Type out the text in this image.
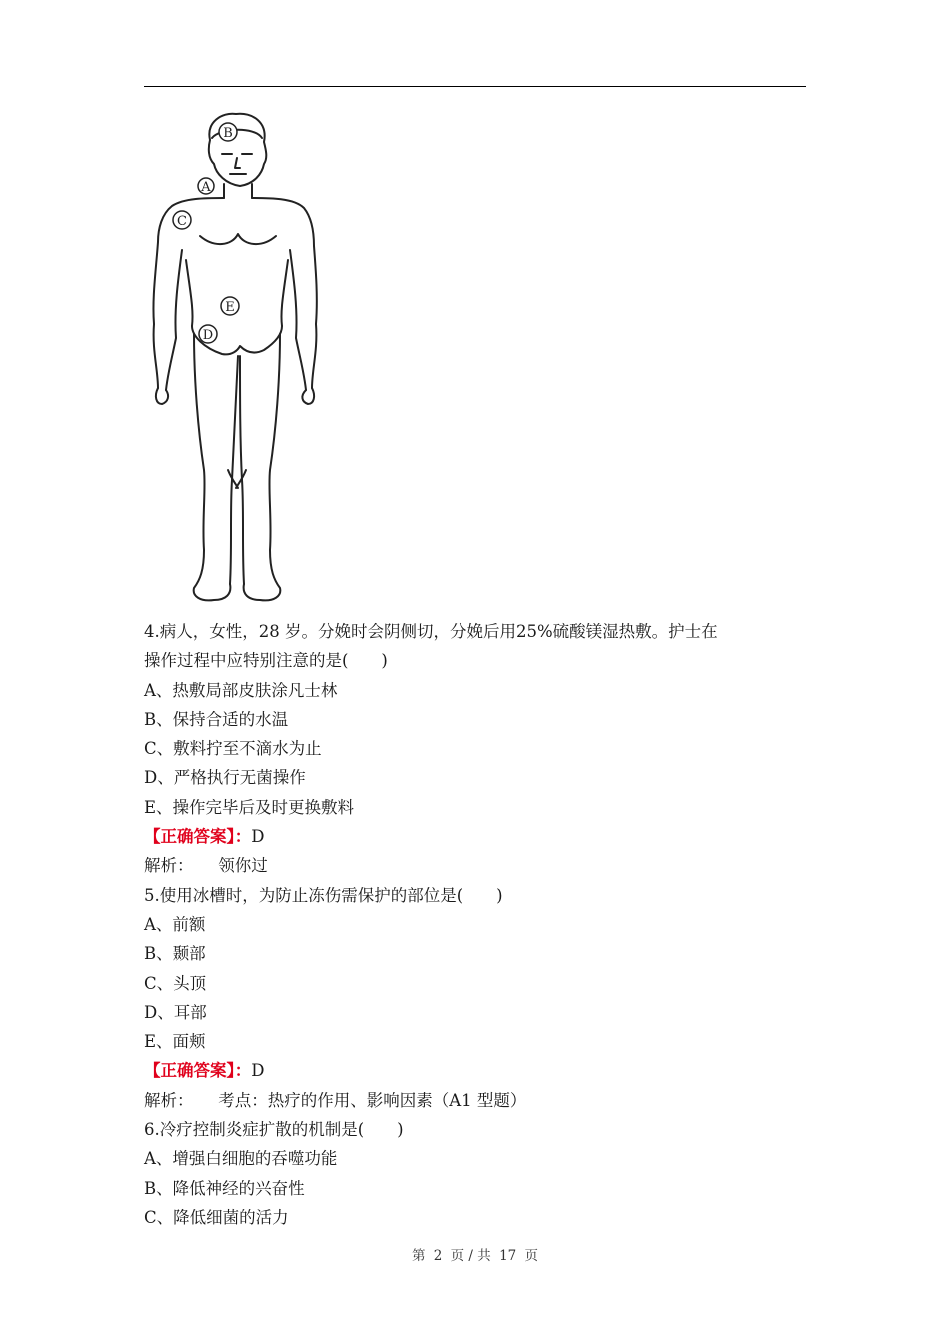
B
A
C
E
D
4.病人，女性，28 岁。分娩时会阴侧切，分娩后用25%硫酸镁湿热敷。护士在
操作过程中应特别注意的是(　　)
A、热敷局部皮肤涂凡士林
B、保持合适的水温
C、敷料拧至不滴水为止
D、严格执行无菌操作
E、操作完毕后及时更换敷料
【正确答案】：D
解析：　　领你过
5.使用冰槽时，为防止冻伤需保护的部位是(　　)
A、前额
B、颞部
C、头顶
D、耳部
E、面颊
【正确答案】：D
解析：　　考点：热疗的作用、影响因素（A1 型题）
6.冷疗控制炎症扩散的机制是(　　)
A、增强白细胞的吞噬功能
B、降低神经的兴奋性
C、降低细菌的活力
第 2 页 / 共 17 页
